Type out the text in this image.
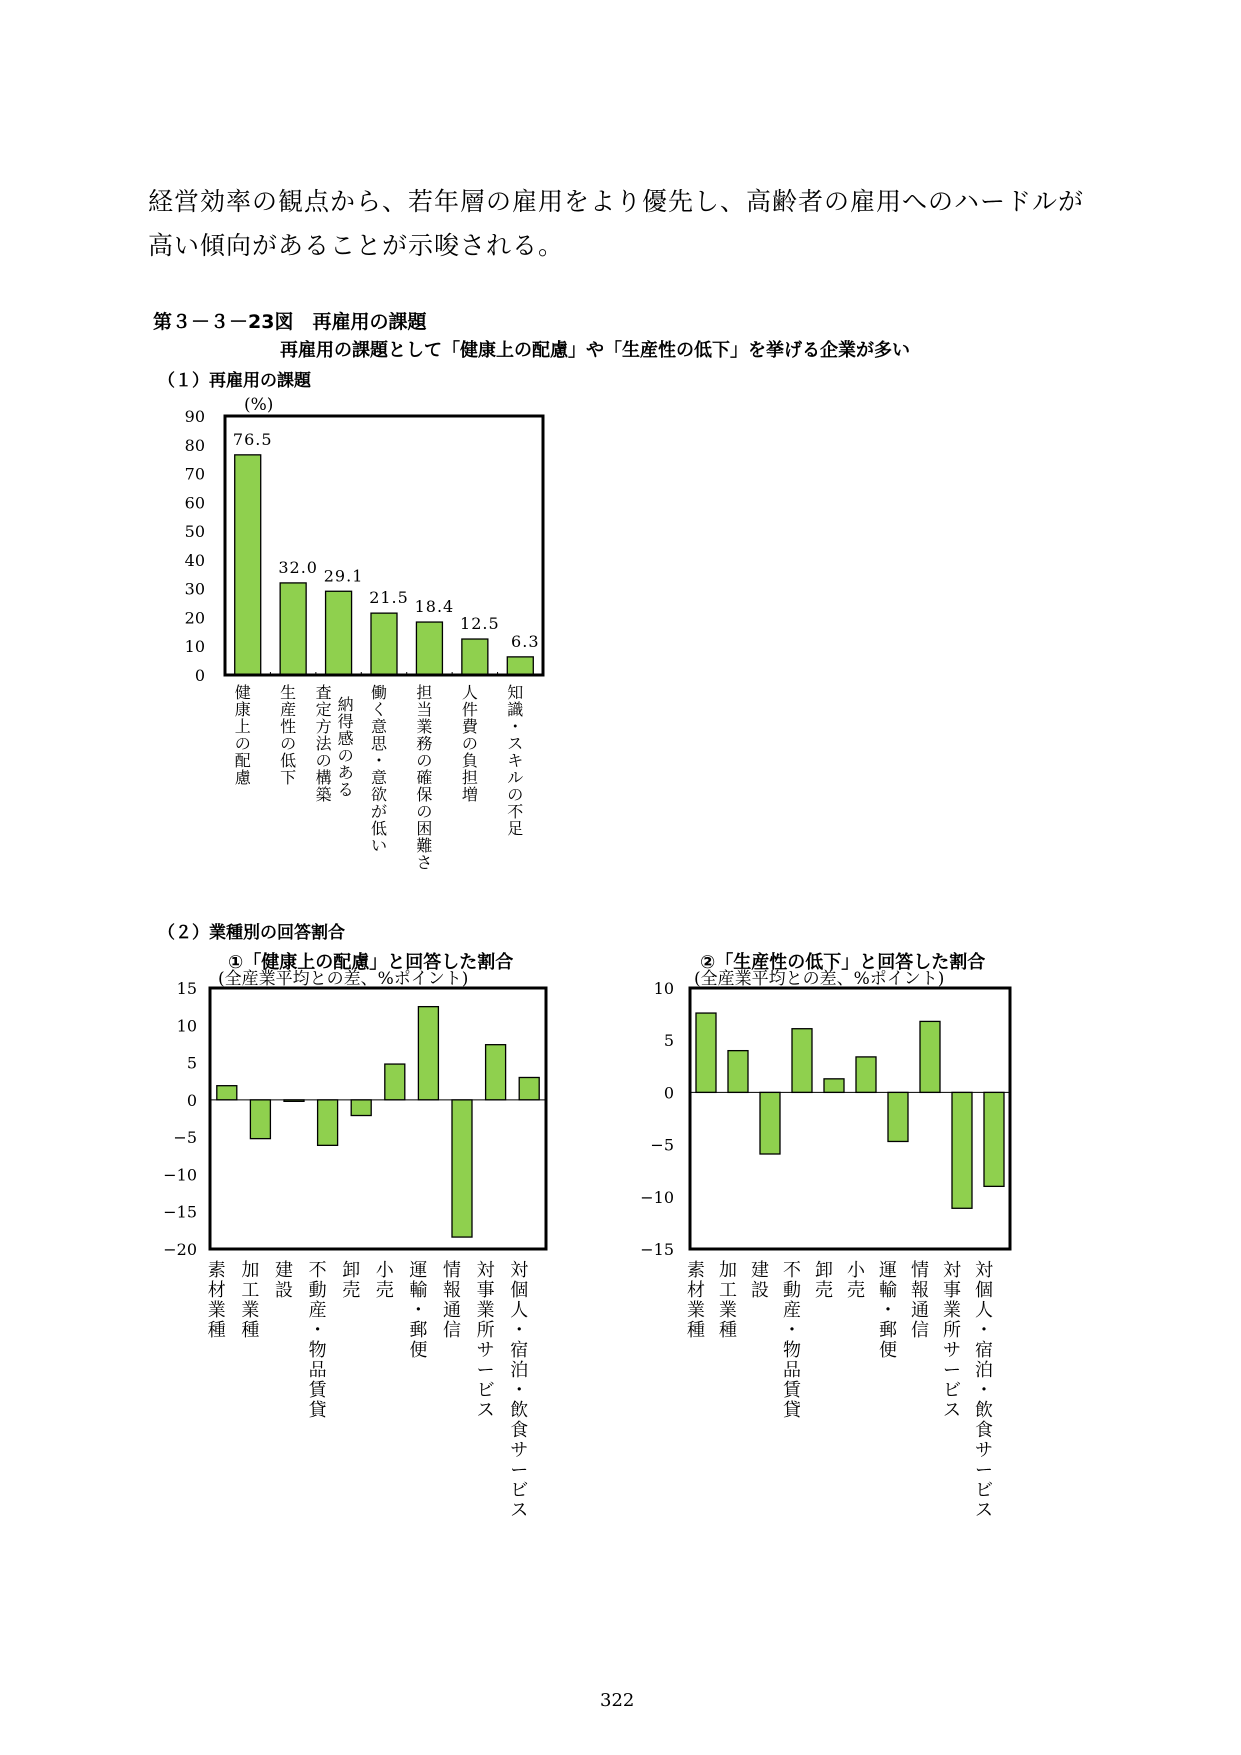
経営効率の観点から、若年層の雇用をより優先し、高齢者の雇用へのハードルが高い傾向があることが示唆される。
第３－３－23図　再雇用の課題
再雇用の課題として「健康上の配慮」や「生産性の低下」を挙げる企業が多い
（１）再雇用の課題
（２）業種別の回答割合
①「健康上の配慮」と回答した割合	②「生産性の低下」と回答した割合
322
0
10
20
30
40
50
60
70
80
90
(%)
76.5
健康上の配慮
32.0
生産性の低下
29.1
査定方法の構築
納得感のある
21.5
働く意思・意欲が低い
18.4
担当業務の確保の困難さ
12.5
人件費の負担増
6.3
知識・スキルの不足
−20
−15
−10
−5
0
5
10
15 (全産業平均との差、%ポイント)
素材業種
加工業種
建設
不動産・物品賃貸
卸売
小売
運輸・郵便
情報通信
対事業所サービス
対個人・宿泊・飲食サービス
−15
−10
−5
0
5
10 (全産業平均との差、%ポイント)
素材業種
加工業種
建設
不動産・物品賃貸
卸売
小売
運輸・郵便
情報通信
対事業所サービス
対個人・宿泊・飲食サービス
